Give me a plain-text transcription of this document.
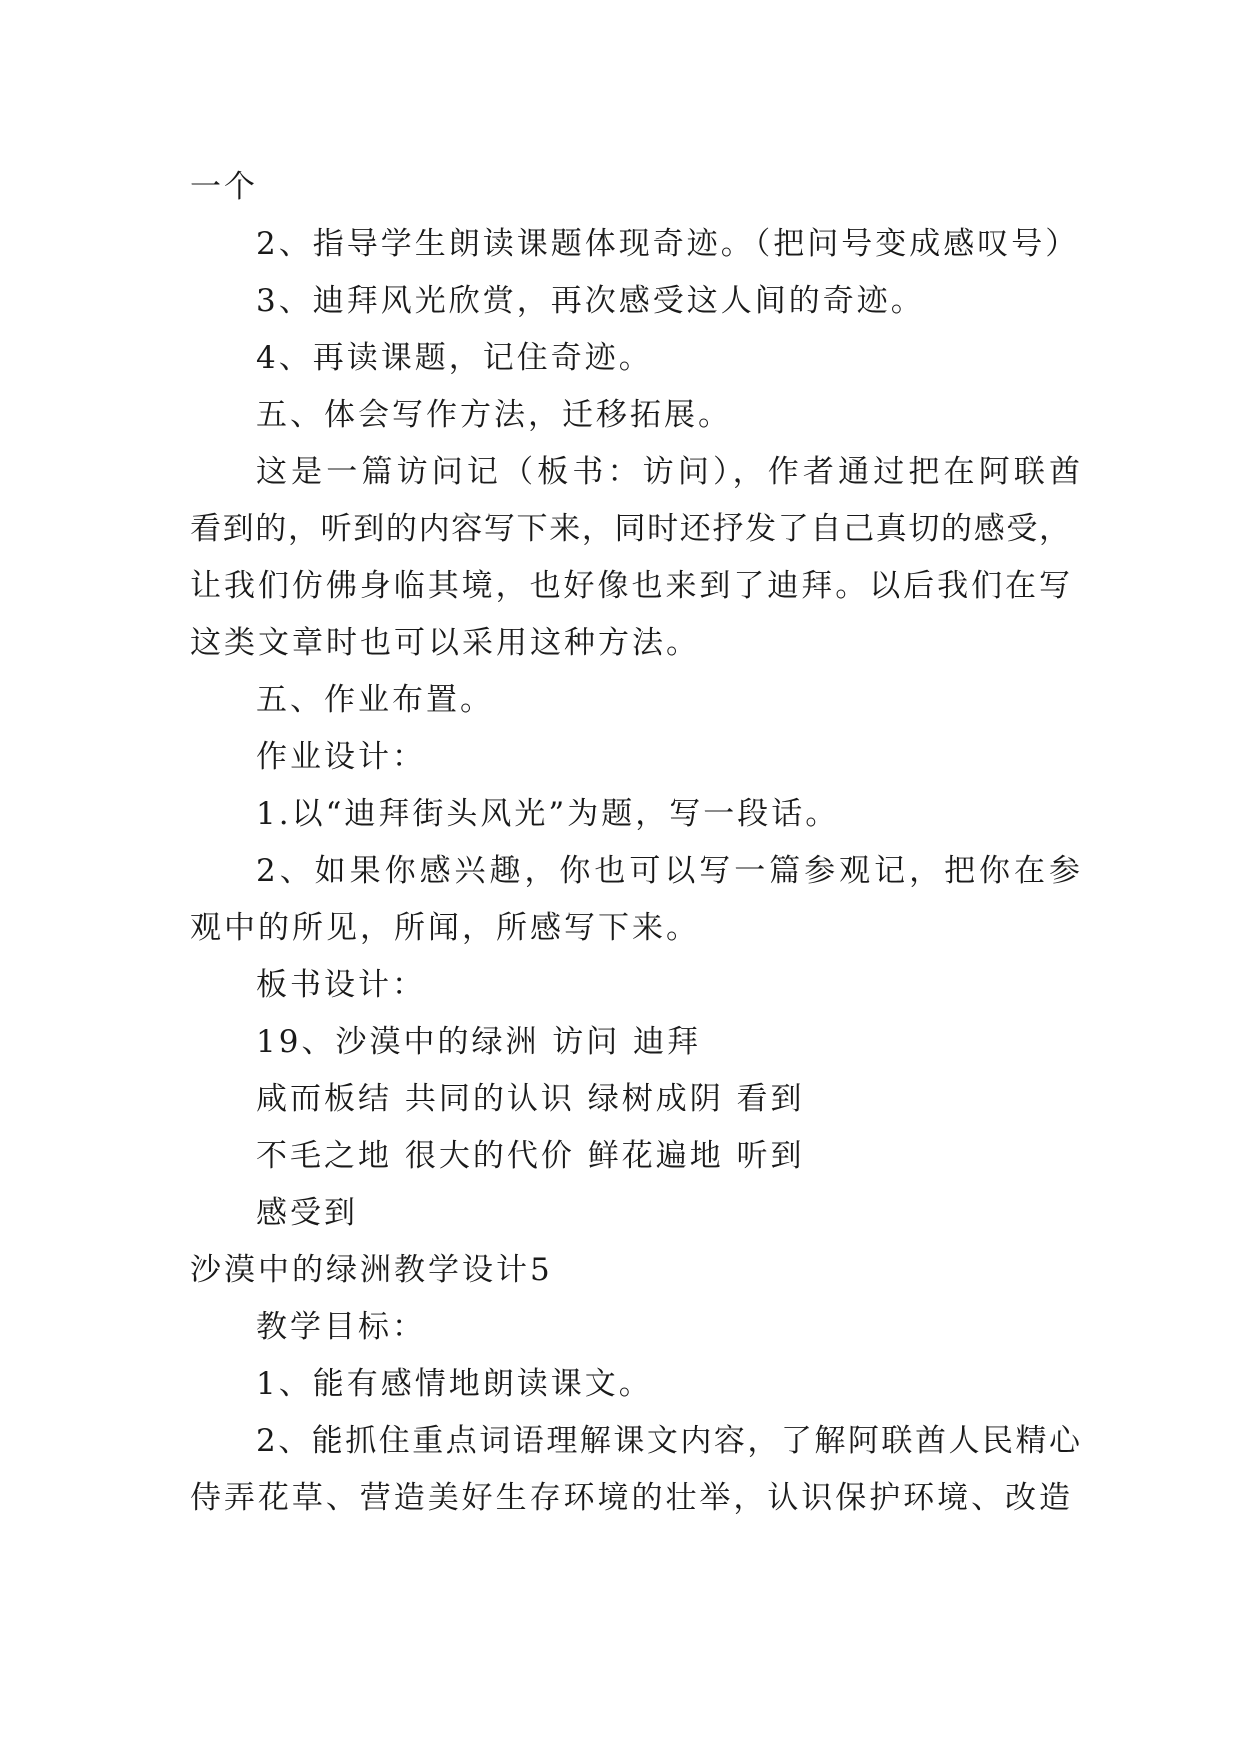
一个
2、指导学生朗读课题体现奇迹。（把问号变成感叹号）
3、迪拜风光欣赏，再次感受这人间的奇迹。
4、再读课题，记住奇迹。
五、体会写作方法，迁移拓展。
这是一篇访问记（板书：访问），作者通过把在阿联酋
看到的，听到的内容写下来，同时还抒发了自己真切的感受，
让我们仿佛身临其境，也好像也来到了迪拜。以后我们在写
这类文章时也可以采用这种方法。
五、作业布置。
作业设计：
1.以“迪拜街头风光”为题，写一段话。
2、如果你感兴趣，你也可以写一篇参观记，把你在参
观中的所见，所闻，所感写下来。
板书设计：
19、沙漠中的绿洲 访问 迪拜
咸而板结 共同的认识 绿树成阴 看到
不毛之地 很大的代价 鲜花遍地 听到
感受到
沙漠中的绿洲教学设计5
教学目标：
1、能有感情地朗读课文。
2、能抓住重点词语理解课文内容，了解阿联酋人民精心
侍弄花草、营造美好生存环境的壮举，认识保护环境、改造
